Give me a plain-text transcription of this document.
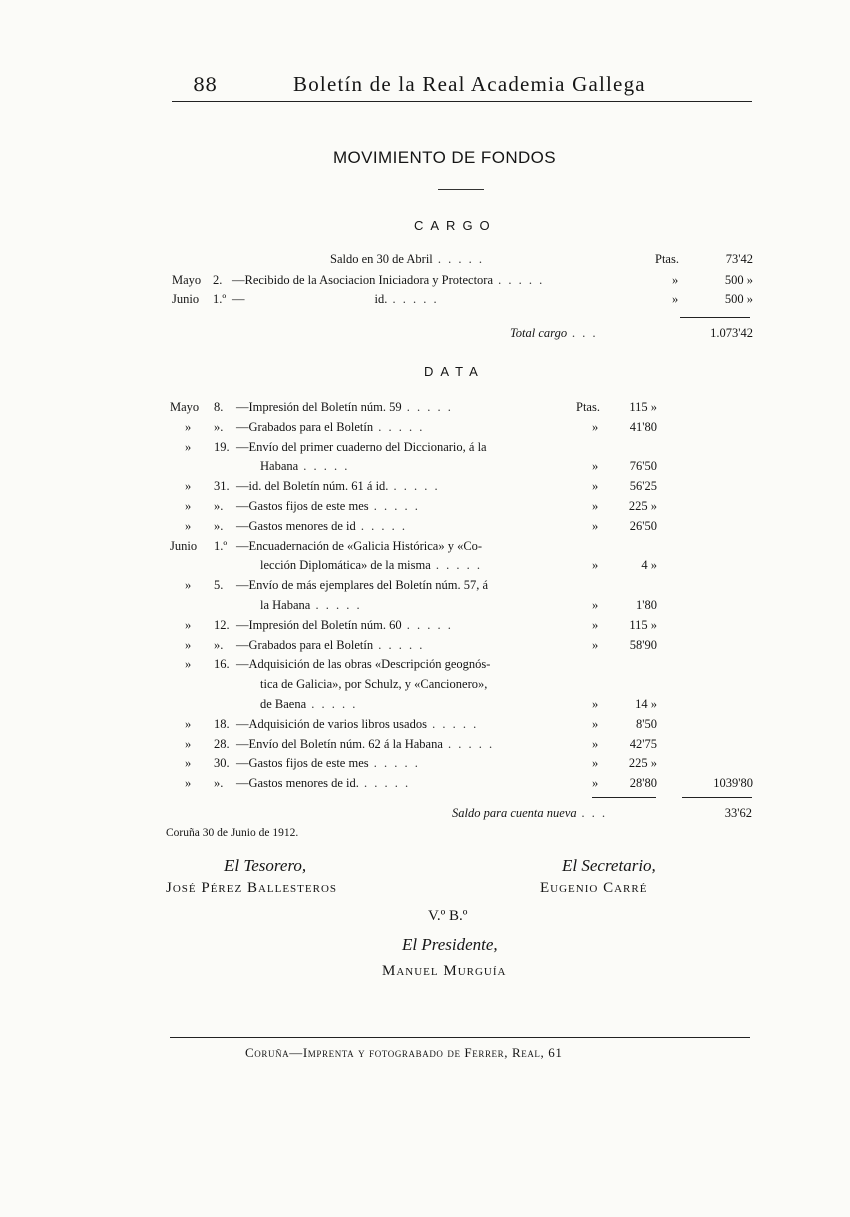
88	Boletín de la Real Academia Gallega
MOVIMIENTO DE FONDOS
CARGO
Saldo en 30 de Abril . . . . .	Ptas.	73'42
Mayo 2. —Recibido de la Asociacion Iniciadora y Protectora . . . . .	»	500 »
Junio 1.º —	id. . . . . .	»	500 »
Total cargo . . .	1.073'42
DATA
Mayo 8. —Impresión del Boletín núm. 59 . . . . .	Ptas. 115 »
» ». —Grabados para el Boletín . . . . .	»	41'80
» 19. —Envío del primer cuaderno del Diccionario, á la
Habana . . . . .	»	76'50
» 31. —id. del Boletín núm. 61 á id. . . . . .	»	56'25
» ». —Gastos fijos de este mes . . . . .	» 225 »
» ». —Gastos menores de id . . . . .	»	26'50
Junio 1.º —Encuadernación de «Galicia Histórica» y «Co-
lección Diplomática» de la misma . . . . .	»	4 »
» 5. —Envío de más ejemplares del Boletín núm. 57, á
la Habana . . . . .	»	1'80
» 12. —Impresión del Boletín núm. 60 . . . . .	» 115 »
» ». —Grabados para el Boletín . . . . .	»	58'90
» 16. —Adquisición de las obras «Descripción geognós-
tica de Galicia», por Schulz, y «Cancionero»,
de Baena . . . . .	»	14 »
» 18. —Adquisición de varios libros usados . . . . .	»	8'50
» 28. —Envío del Boletín núm. 62 á la Habana . . . . .	»	42'75
» 30. —Gastos fijos de este mes . . . . .	» 225 »
» ». —Gastos menores de id. . . . . .	»	28'80	1039'80
Saldo para cuenta nueva . . .	33'62
Coruña 30 de Junio de 1912.
El Tesorero,
José Pérez Ballesteros
El Secretario,
Eugenio Carré
V.º B.º
El Presidente,
Manuel Murguía
Coruña—Imprenta y fotograbado de Ferrer, Real, 61
